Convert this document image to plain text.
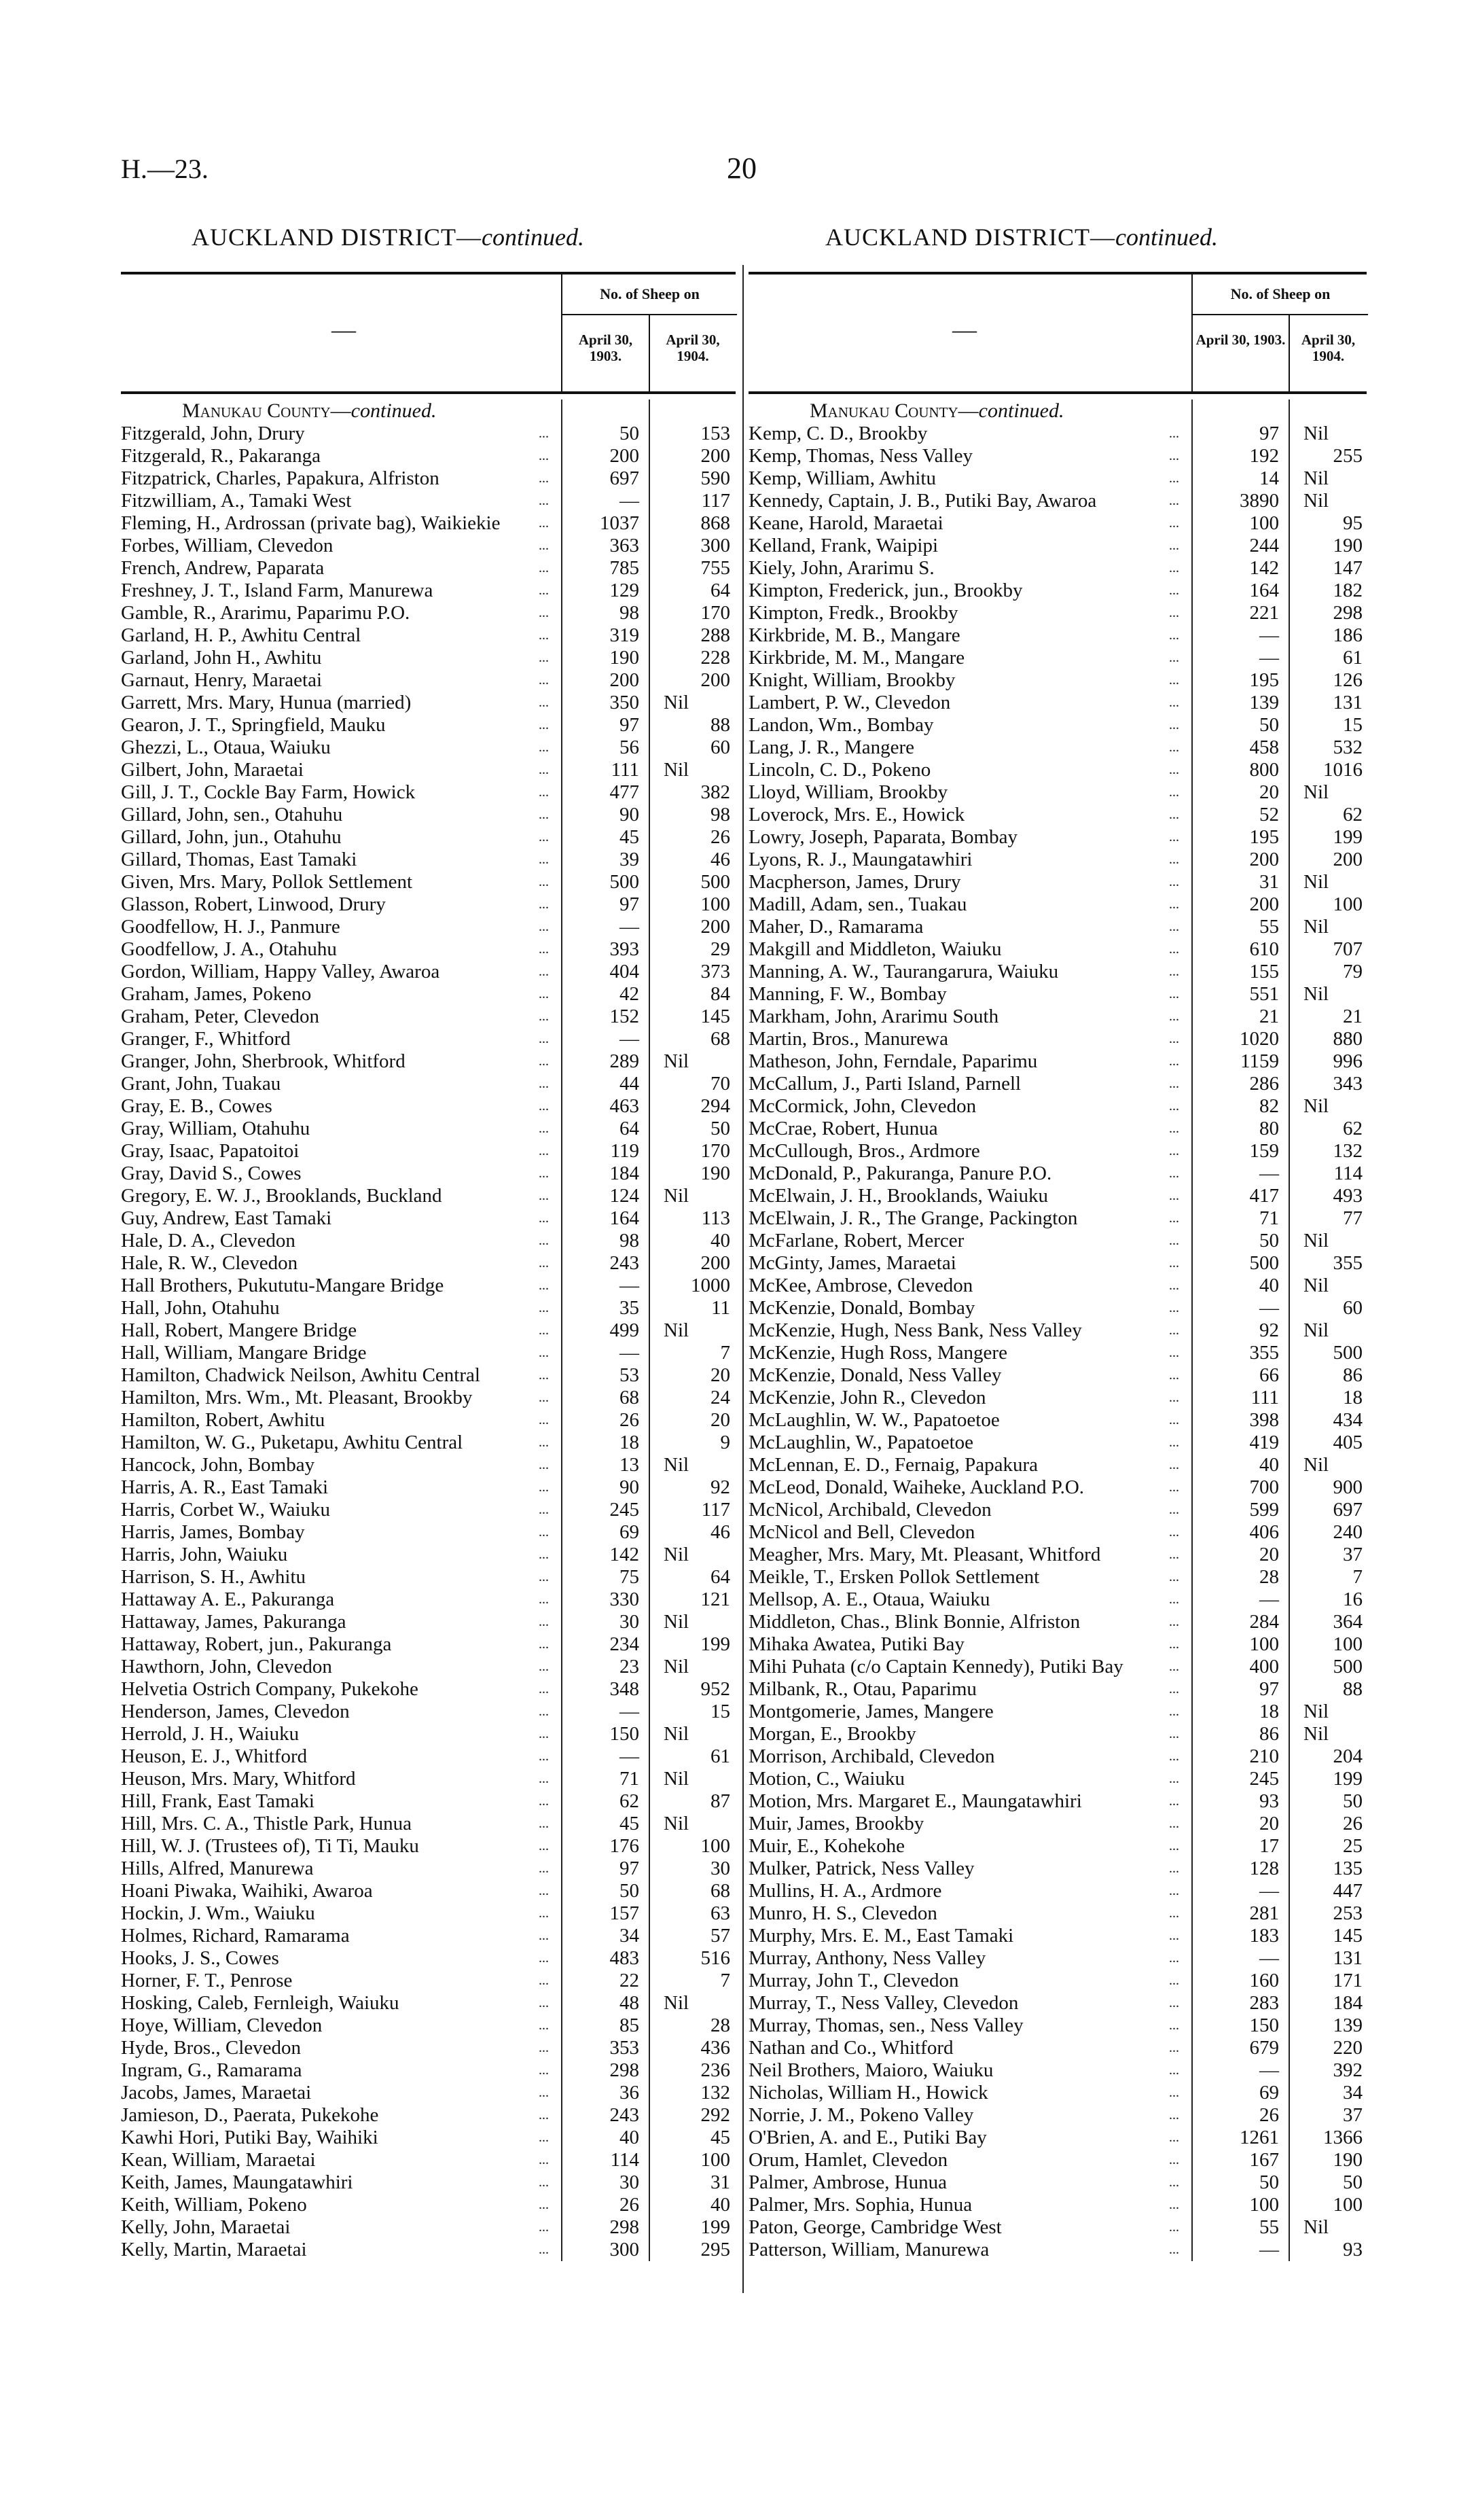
H.—23.	20
AUCKLAND DISTRICT—continued.	AUCKLAND DISTRICT—continued.
—
No. of Sheep on
April 30, 1903.
April 30, 1904.
Manukau County—continued.
Fitzgerald, John, Drury	...	50	153
Fitzgerald, R., Pakaranga	...	200	200
Fitzpatrick, Charles, Papakura, Alfriston	...	697	590
Fitzwilliam, A., Tamaki West	...	—	117
Fleming, H., Ardrossan (private bag), Waikiekie	...	1037	868
Forbes, William, Clevedon	...	363	300
French, Andrew, Paparata	...	785	755
Freshney, J. T., Island Farm, Manurewa	...	129	64
Gamble, R., Ararimu, Paparimu P.O.	...	98	170
Garland, H. P., Awhitu Central	...	319	288
Garland, John H., Awhitu	...	190	228
Garnaut, Henry, Maraetai	...	200	200
Garrett, Mrs. Mary, Hunua (married)	...	350	Nil
Gearon, J. T., Springfield, Mauku	...	97	88
Ghezzi, L., Otaua, Waiuku	...	56	60
Gilbert, John, Maraetai	...	111	Nil
Gill, J. T., Cockle Bay Farm, Howick	...	477	382
Gillard, John, sen., Otahuhu	...	90	98
Gillard, John, jun., Otahuhu	...	45	26
Gillard, Thomas, East Tamaki	...	39	46
Given, Mrs. Mary, Pollok Settlement	...	500	500
Glasson, Robert, Linwood, Drury	...	97	100
Goodfellow, H. J., Panmure	...	—	200
Goodfellow, J. A., Otahuhu	...	393	29
Gordon, William, Happy Valley, Awaroa	...	404	373
Graham, James, Pokeno	...	42	84
Graham, Peter, Clevedon	...	152	145
Granger, F., Whitford	...	—	68
Granger, John, Sherbrook, Whitford	...	289	Nil
Grant, John, Tuakau	...	44	70
Gray, E. B., Cowes	...	463	294
Gray, William, Otahuhu	...	64	50
Gray, Isaac, Papatoitoi	...	119	170
Gray, David S., Cowes	...	184	190
Gregory, E. W. J., Brooklands, Buckland	...	124	Nil
Guy, Andrew, East Tamaki	...	164	113
Hale, D. A., Clevedon	...	98	40
Hale, R. W., Clevedon	...	243	200
Hall Brothers, Pukututu-Mangare Bridge	...	—	1000
Hall, John, Otahuhu	...	35	11
Hall, Robert, Mangere Bridge	...	499	Nil
Hall, William, Mangare Bridge	...	—	7
Hamilton, Chadwick Neilson, Awhitu Central	...	53	20
Hamilton, Mrs. Wm., Mt. Pleasant, Brookby	...	68	24
Hamilton, Robert, Awhitu	...	26	20
Hamilton, W. G., Puketapu, Awhitu Central	...	18	9
Hancock, John, Bombay	...	13	Nil
Harris, A. R., East Tamaki	...	90	92
Harris, Corbet W., Waiuku	...	245	117
Harris, James, Bombay	...	69	46
Harris, John, Waiuku	...	142	Nil
Harrison, S. H., Awhitu	...	75	64
Hattaway A. E., Pakuranga	...	330	121
Hattaway, James, Pakuranga	...	30	Nil
Hattaway, Robert, jun., Pakuranga	...	234	199
Hawthorn, John, Clevedon	...	23	Nil
Helvetia Ostrich Company, Pukekohe	...	348	952
Henderson, James, Clevedon	...	—	15
Herrold, J. H., Waiuku	...	150	Nil
Heuson, E. J., Whitford	...	—	61
Heuson, Mrs. Mary, Whitford	...	71	Nil
Hill, Frank, East Tamaki	...	62	87
Hill, Mrs. C. A., Thistle Park, Hunua	...	45	Nil
Hill, W. J. (Trustees of), Ti Ti, Mauku	...	176	100
Hills, Alfred, Manurewa	...	97	30
Hoani Piwaka, Waihiki, Awaroa	...	50	68
Hockin, J. Wm., Waiuku	...	157	63
Holmes, Richard, Ramarama	...	34	57
Hooks, J. S., Cowes	...	483	516
Horner, F. T., Penrose	...	22	7
Hosking, Caleb, Fernleigh, Waiuku	...	48	Nil
Hoye, William, Clevedon	...	85	28
Hyde, Bros., Clevedon	...	353	436
Ingram, G., Ramarama	...	298	236
Jacobs, James, Maraetai	...	36	132
Jamieson, D., Paerata, Pukekohe	...	243	292
Kawhi Hori, Putiki Bay, Waihiki	...	40	45
Kean, William, Maraetai	...	114	100
Keith, James, Maungatawhiri	...	30	31
Keith, William, Pokeno	...	26	40
Kelly, John, Maraetai	...	298	199
Kelly, Martin, Maraetai	...	300	295
—
No. of Sheep on
April 30, 1903.	April 30, 1904.
Manukau County—continued.
Kemp, C. D., Brookby	...	97	Nil
Kemp, Thomas, Ness Valley	...	192	255
Kemp, William, Awhitu	...	14	Nil
Kennedy, Captain, J. B., Putiki Bay, Awaroa	...	3890	Nil
Keane, Harold, Maraetai	...	100	95
Kelland, Frank, Waipipi	...	244	190
Kiely, John, Ararimu S.	...	142	147
Kimpton, Frederick, jun., Brookby	...	164	182
Kimpton, Fredk., Brookby	...	221	298
Kirkbride, M. B., Mangare	...	—	186
Kirkbride, M. M., Mangare	...	—	61
Knight, William, Brookby	...	195	126
Lambert, P. W., Clevedon	...	139	131
Landon, Wm., Bombay	...	50	15
Lang, J. R., Mangere	...	458	532
Lincoln, C. D., Pokeno	...	800	1016
Lloyd, William, Brookby	...	20	Nil
Loverock, Mrs. E., Howick	...	52	62
Lowry, Joseph, Paparata, Bombay	...	195	199
Lyons, R. J., Maungatawhiri	...	200	200
Macpherson, James, Drury	...	31	Nil
Madill, Adam, sen., Tuakau	...	200	100
Maher, D., Ramarama	...	55	Nil
Makgill and Middleton, Waiuku	...	610	707
Manning, A. W., Taurangarura, Waiuku	...	155	79
Manning, F. W., Bombay	...	551	Nil
Markham, John, Ararimu South	...	21	21
Martin, Bros., Manurewa	...	1020	880
Matheson, John, Ferndale, Paparimu	...	1159	996
McCallum, J., Parti Island, Parnell	...	286	343
McCormick, John, Clevedon	...	82	Nil
McCrae, Robert, Hunua	...	80	62
McCullough, Bros., Ardmore	...	159	132
McDonald, P., Pakuranga, Panure P.O.	...	—	114
McElwain, J. H., Brooklands, Waiuku	...	417	493
McElwain, J. R., The Grange, Packington	...	71	77
McFarlane, Robert, Mercer	...	50	Nil
McGinty, James, Maraetai	...	500	355
McKee, Ambrose, Clevedon	...	40	Nil
McKenzie, Donald, Bombay	...	—	60
McKenzie, Hugh, Ness Bank, Ness Valley	...	92	Nil
McKenzie, Hugh Ross, Mangere	...	355	500
McKenzie, Donald, Ness Valley	...	66	86
McKenzie, John R., Clevedon	...	111	18
McLaughlin, W. W., Papatoetoe	...	398	434
McLaughlin, W., Papatoetoe	...	419	405
McLennan, E. D., Fernaig, Papakura	...	40	Nil
McLeod, Donald, Waiheke, Auckland P.O.	...	700	900
McNicol, Archibald, Clevedon	...	599	697
McNicol and Bell, Clevedon	...	406	240
Meagher, Mrs. Mary, Mt. Pleasant, Whitford	...	20	37
Meikle, T., Ersken Pollok Settlement	...	28	7
Mellsop, A. E., Otaua, Waiuku	...	—	16
Middleton, Chas., Blink Bonnie, Alfriston	...	284	364
Mihaka Awatea, Putiki Bay	...	100	100
Mihi Puhata (c/o Captain Kennedy), Putiki Bay	...	400	500
Milbank, R., Otau, Paparimu	...	97	88
Montgomerie, James, Mangere	...	18	Nil
Morgan, E., Brookby	...	86	Nil
Morrison, Archibald, Clevedon	...	210	204
Motion, C., Waiuku	...	245	199
Motion, Mrs. Margaret E., Maungatawhiri	...	93	50
Muir, James, Brookby	...	20	26
Muir, E., Kohekohe	...	17	25
Mulker, Patrick, Ness Valley	...	128	135
Mullins, H. A., Ardmore	...	—	447
Munro, H. S., Clevedon	...	281	253
Murphy, Mrs. E. M., East Tamaki	...	183	145
Murray, Anthony, Ness Valley	...	—	131
Murray, John T., Clevedon	...	160	171
Murray, T., Ness Valley, Clevedon	...	283	184
Murray, Thomas, sen., Ness Valley	...	150	139
Nathan and Co., Whitford	...	679	220
Neil Brothers, Maioro, Waiuku	...	—	392
Nicholas, William H., Howick	...	69	34
Norrie, J. M., Pokeno Valley	...	26	37
O'Brien, A. and E., Putiki Bay	...	1261	1366
Orum, Hamlet, Clevedon	...	167	190
Palmer, Ambrose, Hunua	...	50	50
Palmer, Mrs. Sophia, Hunua	...	100	100
Paton, George, Cambridge West	...	55	Nil
Patterson, William, Manurewa	...	—	93
